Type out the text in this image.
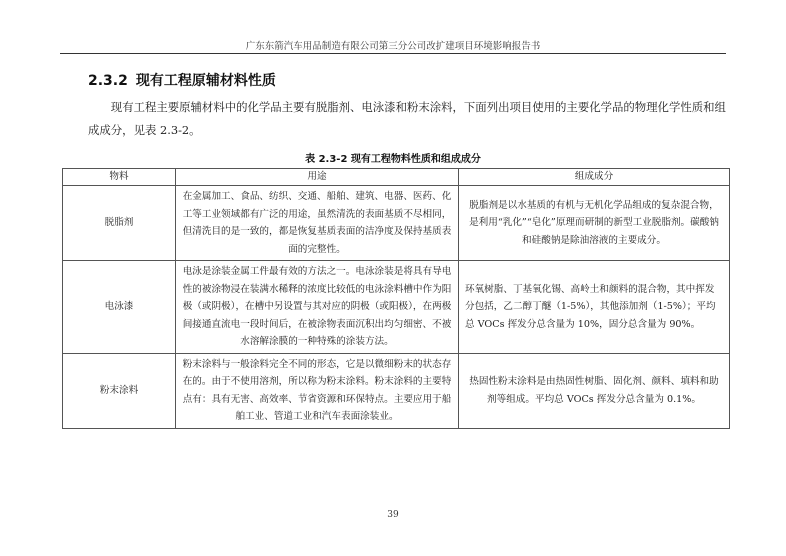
广东东箭汽车用品制造有限公司第三分公司改扩建项目环境影响报告书
2.3.2 现有工程原辅材料性质
现有工程主要原辅材料中的化学品主要有脱脂剂、电泳漆和粉末涂料，下面列出项目使用的主要化学品的物理化学性质和组成成分，见表 2.3-2。
表 2.3-2 现有工程物料性质和组成成分
物料	用途	组成成分
脱脂剂	在金属加工、食品、纺织、交通、船舶、建筑、电器、医药、化工等工业领域都有广泛的用途，虽然清洗的表面基质不尽相同，但清洗目的是一致的，都是恢复基质表面的洁净度及保持基质表面的完整性。	脱脂剂是以水基质的有机与无机化学品组成的复杂混合物，是利用“乳化”“皂化”原理而研制的新型工业脱脂剂。碳酸钠和硅酸钠是除油溶液的主要成分。
电泳漆	电泳是涂装金属工件最有效的方法之一。电泳涂装是将具有导电性的被涂物浸在装满水稀释的浓度比较低的电泳涂料槽中作为阳极（或阴极），在槽中另设置与其对应的阴极（或阳极），在两极间接通直流电一段时间后，在被涂物表面沉积出均匀细密、不被水溶解涂膜的一种特殊的涂装方法。	环氧树脂、丁基氧化锡、高岭土和颜料的混合物，其中挥发分包括，乙二醇丁醚（1-5%），其他添加剂（1-5%）；平均总 VOCs 挥发分总含量为 10%，固分总含量为 90%。
粉末涂料	粉末涂料与一般涂料完全不同的形态，它是以微细粉末的状态存在的。由于不使用溶剂，所以称为粉末涂料。粉末涂料的主要特点有：具有无害、高效率、节省资源和环保特点。主要应用于船舶工业、管道工业和汽车表面涂装业。	热固性粉末涂料是由热固性树脂、固化剂、颜料、填料和助剂等组成。平均总 VOCs 挥发分总含量为 0.1%。
39
